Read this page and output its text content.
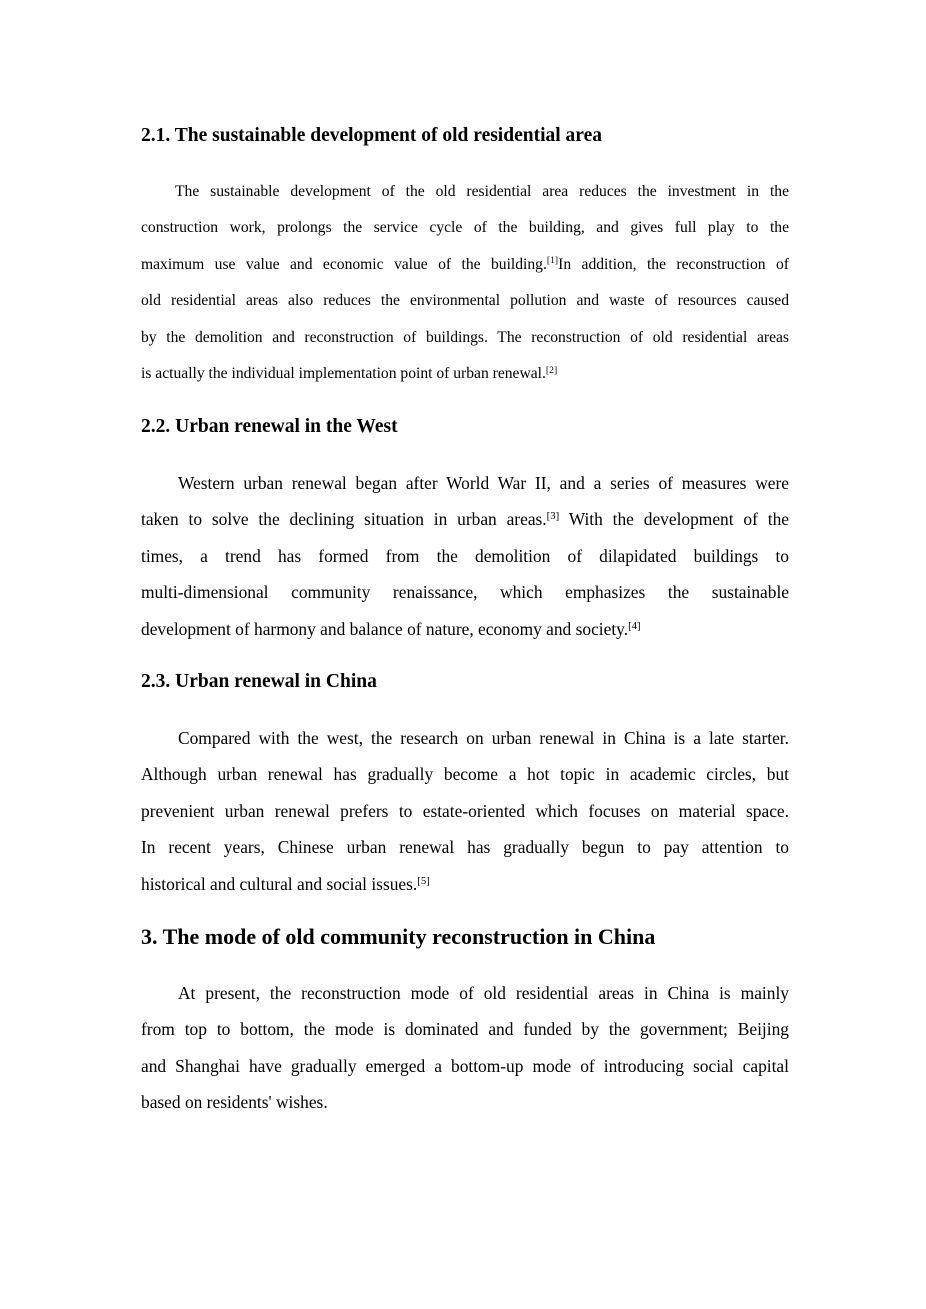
2.1. The sustainable development of old residential area
The sustainable development of the old residential area reduces the investment in the
construction work, prolongs the service cycle of the building, and gives full play to the
maximum use value and economic value of the building.[1]In addition, the reconstruction of
old residential areas also reduces the environmental pollution and waste of resources caused
by the demolition and reconstruction of buildings. The reconstruction of old residential areas
is actually the individual implementation point of urban renewal.[2]
2.2. Urban renewal in the West
Western urban renewal began after World War II, and a series of measures were
taken to solve the declining situation in urban areas.[3] With the development of the
times, a trend has formed from the demolition of dilapidated buildings to
multi-dimensional community renaissance, which emphasizes the sustainable
development of harmony and balance of nature, economy and society.[4]
2.3. Urban renewal in China
Compared with the west, the research on urban renewal in China is a late starter.
Although urban renewal has gradually become a hot topic in academic circles, but
prevenient urban renewal prefers to estate-oriented which focuses on material space.
In recent years, Chinese urban renewal has gradually begun to pay attention to
historical and cultural and social issues.[5]
3. The mode of old community reconstruction in China
At present, the reconstruction mode of old residential areas in China is mainly
from top to bottom, the mode is dominated and funded by the government; Beijing
and Shanghai have gradually emerged a bottom-up mode of introducing social capital
based on residents' wishes.
